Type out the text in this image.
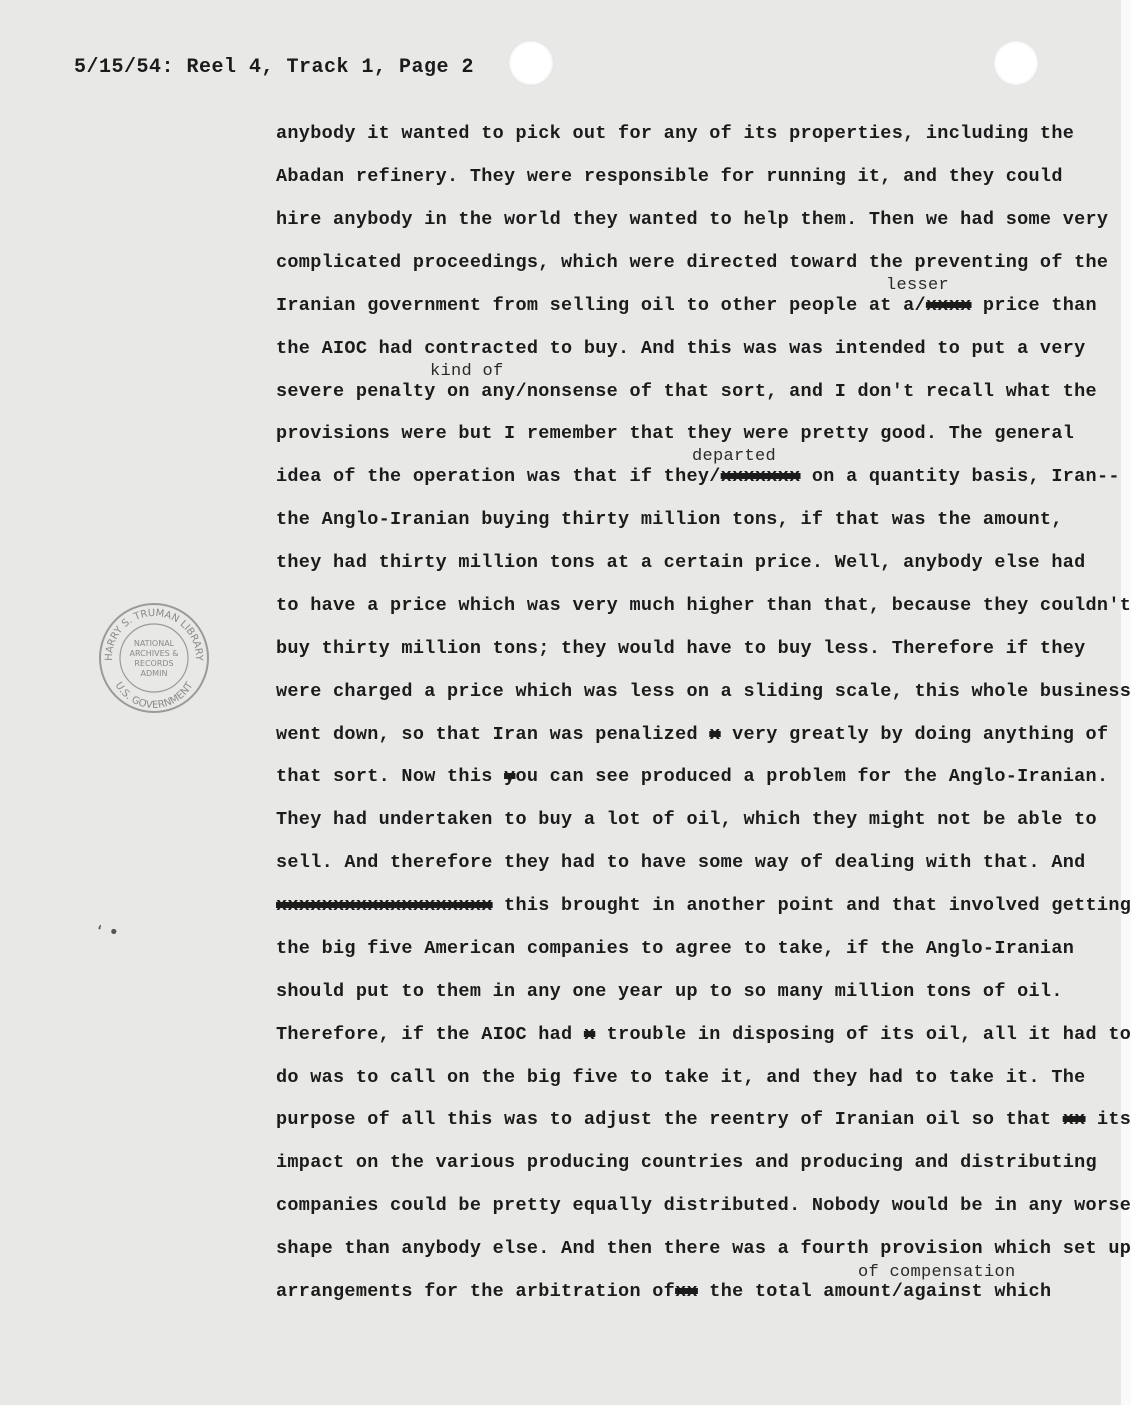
5/15/54: Reel 4, Track 1, Page 2
HARRY S. TRUMAN LIBRARY
U.S. GOVERNMENT
NATIONAL
ARCHIVES &
RECORDS
ADMIN
‘ •
lesser
kind of
departed
of compensation
anybody it wanted to pick out for any of its properties, including the
Abadan refinery. They were responsible for running it, and they could
hire anybody in the world they wanted to help them. Then we had some very
complicated proceedings, which were directed toward the preventing of the
Iranian government from selling oil to other people at a/xxxx price than
the AIOC had contracted to buy. And this was was intended to put a very
severe penalty on any/nonsense of that sort, and I don't recall what the
provisions were but I remember that they were pretty good. The general
idea of the operation was that if they/xxxxxxx on a quantity basis, Iran--
the Anglo-Iranian buying thirty million tons, if that was the amount,
they had thirty million tons at a certain price. Well, anybody else had
to have a price which was very much higher than that, because they couldn't
buy thirty million tons; they would have to buy less. Therefore if they
were charged a price which was less on a sliding scale, this whole business
went down, so that Iran was penalized x very greatly by doing anything of
that sort. Now this you can see produced a problem for the Anglo-Iranian.
They had undertaken to buy a lot of oil, which they might not be able to
sell. And therefore they had to have some way of dealing with that. And
xxxxxxxxxxxxxxxxxxx this brought in another point and that involved getting
the big five American companies to agree to take, if the Anglo-Iranian
should put to them in any one year up to so many million tons of oil.
Therefore, if the AIOC had x trouble in disposing of its oil, all it had to
do was to call on the big five to take it, and they had to take it. The
purpose of all this was to adjust the reentry of Iranian oil so that xx its
impact on the various producing countries and producing and distributing
companies could be pretty equally distributed. Nobody would be in any worse
shape than anybody else. And then there was a fourth provision which set up
arrangements for the arbitration ofxx the total amount/against which
